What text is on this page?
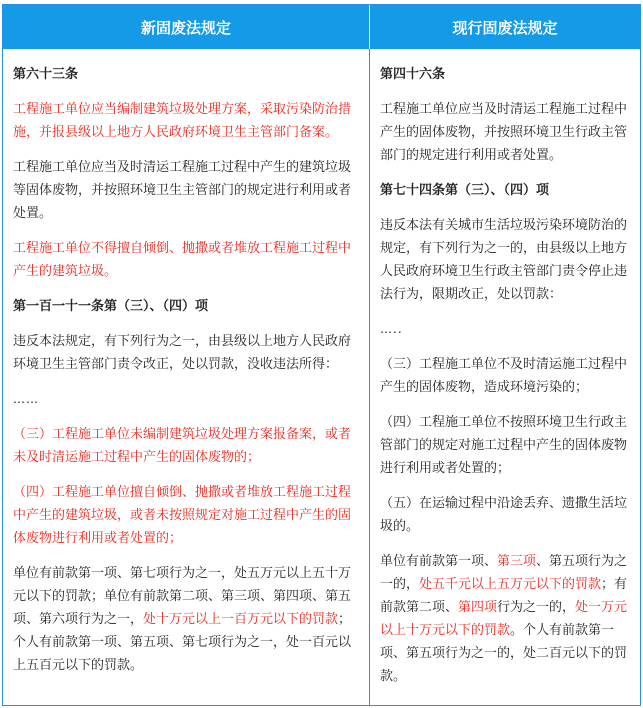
新固废法规定	现行固废法规定
第六十三条

工程施工单位应当编制建筑垃圾处理方案，采取污染防治措施，并报县级以上地方人民政府环境卫生主管部门备案。

工程施工单位应当及时清运工程施工过程中产生的建筑垃圾等固体废物，并按照环境卫生主管部门的规定进行利用或者处置。

工程施工单位不得擅自倾倒、抛撒或者堆放工程施工过程中产生的建筑垃圾。

第一百一十一条第（三）、（四）项

违反本法规定，有下列行为之一，由县级以上地方人民政府环境卫生主管部门责令改正，处以罚款，没收违法所得：

……

（三）工程施工单位未编制建筑垃圾处理方案报备案，或者未及时清运施工过程中产生的固体废物的；

（四）工程施工单位擅自倾倒、抛撒或者堆放工程施工过程中产生的建筑垃圾，或者未按照规定对施工过程中产生的固体废物进行利用或者处置的；

单位有前款第一项、第七项行为之一，处五万元以上五十万元以下的罚款；单位有前款第二项、第三项、第四项、第五项、第六项行为之一，处十万元以上一百万元以下的罚款；个人有前款第一项、第五项、第七项行为之一，处一百元以上五百元以下的罚款。

第四十六条

工程施工单位应当及时清运工程施工过程中产生的固体废物，并按照环境卫生行政主管部门的规定进行利用或者处置。

第七十四条第（三）、（四）项

违反本法有关城市生活垃圾污染环境防治的规定，有下列行为之一的，由县级以上地方人民政府环境卫生行政主管部门责令停止违法行为，限期改正，处以罚款：

…..

（三）工程施工单位不及时清运施工过程中产生的固体废物，造成环境污染的；

（四）工程施工单位不按照环境卫生行政主管部门的规定对施工过程中产生的固体废物进行利用或者处置的；

（五）在运输过程中沿途丢弃、遗撒生活垃圾的。

单位有前款第一项、第三项、第五项行为之一的，处五千元以上五万元以下的罚款；有前款第二项、第四项行为之一的，处一万元以上十万元以下的罚款。个人有前款第一项、第五项行为之一的，处二百元以下的罚款。
